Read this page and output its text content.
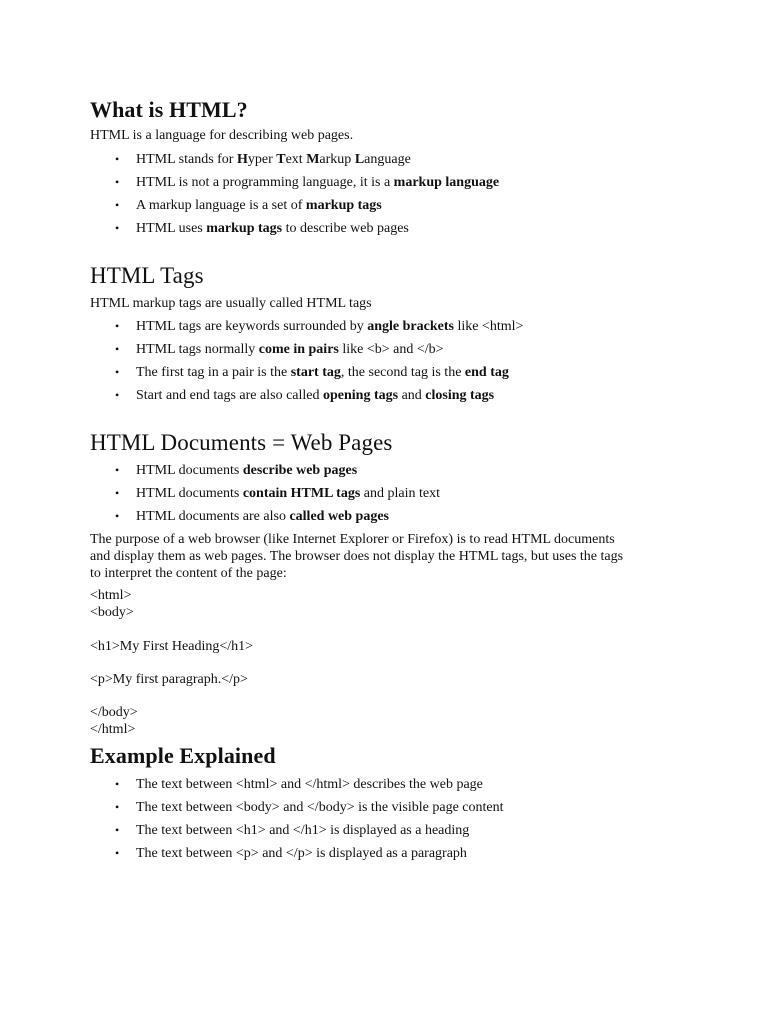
What is HTML?

HTML is a language for describing web pages.

• HTML stands for Hyper Text Markup Language
• HTML is not a programming language, it is a markup language
• A markup language is a set of markup tags
• HTML uses markup tags to describe web pages
HTML Tags

HTML markup tags are usually called HTML tags

• HTML tags are keywords surrounded by angle brackets like <html>
• HTML tags normally come in pairs like <b> and </b>
• The first tag in a pair is the start tag, the second tag is the end tag
• Start and end tags are also called opening tags and closing tags
HTML Documents = Web Pages
• HTML documents describe web pages
• HTML documents contain HTML tags and plain text
• HTML documents are also called web pages
The purpose of a web browser (like Internet Explorer or Firefox) is to read HTML documents
and display them as web pages. The browser does not display the HTML tags, but uses the tags
to interpret the content of the page:
<html>
<body>
<h1>My First Heading</h1>
<p>My first paragraph.</p>
</body>
</html>
Example Explained
• The text between <html> and </html> describes the web page
• The text between <body> and </body> is the visible page content
• The text between <h1> and </h1> is displayed as a heading
• The text between <p> and </p> is displayed as a paragraph
